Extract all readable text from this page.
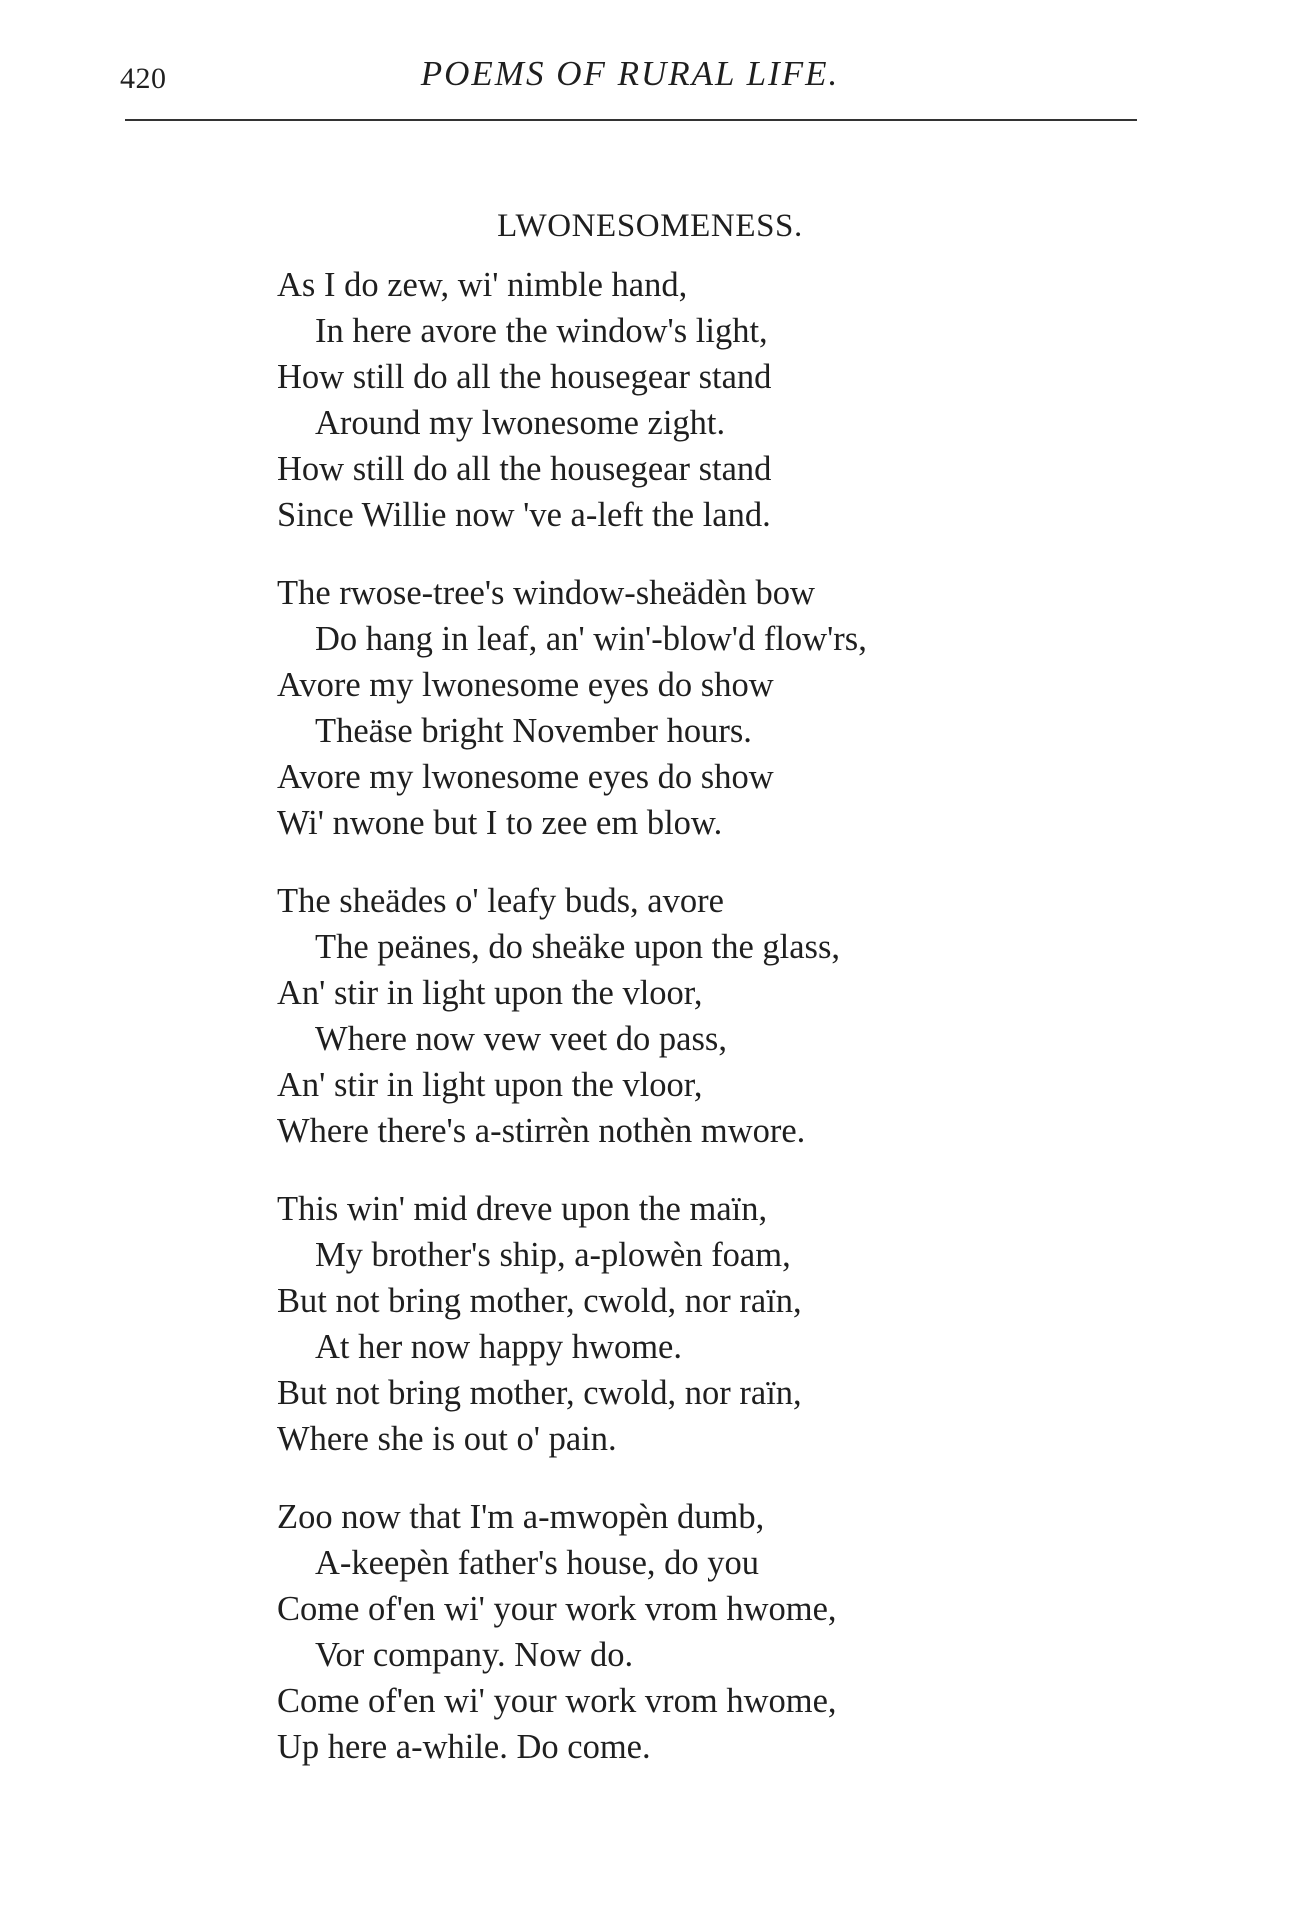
420	POEMS OF RURAL LIFE.
LWONESOMENESS.
As I do zew, wi' nimble hand,
In here avore the window's light,
How still do all the housegear stand
Around my lwonesome zight.
How still do all the housegear stand
Since Willie now 've a-left the land.
The rwose-tree's window-sheädèn bow
Do hang in leaf, an' win'-blow'd flow'rs,
Avore my lwonesome eyes do show
Theäse bright November hours.
Avore my lwonesome eyes do show
Wi' nwone but I to zee em blow.
The sheädes o' leafy buds, avore
The peänes, do sheäke upon the glass,
An' stir in light upon the vloor,
Where now vew veet do pass,
An' stir in light upon the vloor,
Where there's a-stirrèn nothèn mwore.
This win' mid dreve upon the maïn,
My brother's ship, a-plowèn foam,
But not bring mother, cwold, nor raïn,
At her now happy hwome.
But not bring mother, cwold, nor raïn,
Where she is out o' pain.
Zoo now that I'm a-mwopèn dumb,
A-keepèn father's house, do you
Come of'en wi' your work vrom hwome,
Vor company. Now do.
Come of'en wi' your work vrom hwome,
Up here a-while. Do come.
